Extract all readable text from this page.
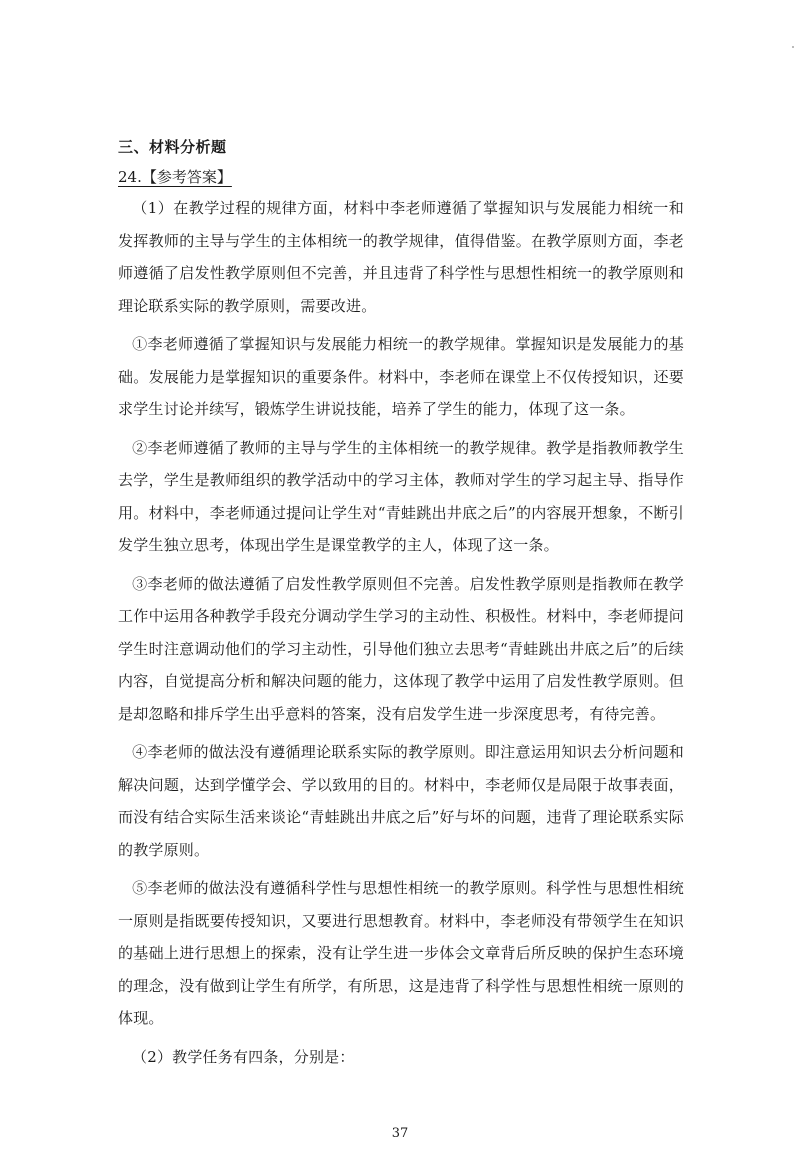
三、材料分析题

24.【参考答案】

（1）在教学过程的规律方面，材料中李老师遵循了掌握知识与发展能力相统一和发挥教师的主导与学生的主体相统一的教学规律，值得借鉴。在教学原则方面，李老师遵循了启发性教学原则但不完善，并且违背了科学性与思想性相统一的教学原则和理论联系实际的教学原则，需要改进。

①李老师遵循了掌握知识与发展能力相统一的教学规律。掌握知识是发展能力的基础。发展能力是掌握知识的重要条件。材料中，李老师在课堂上不仅传授知识，还要求学生讨论并续写，锻炼学生讲说技能，培养了学生的能力，体现了这一条。

②李老师遵循了教师的主导与学生的主体相统一的教学规律。教学是指教师教学生去学，学生是教师组织的教学活动中的学习主体，教师对学生的学习起主导、指导作用。材料中，李老师通过提问让学生对“青蛙跳出井底之后”的内容展开想象，不断引发学生独立思考，体现出学生是课堂教学的主人，体现了这一条。

③李老师的做法遵循了启发性教学原则但不完善。启发性教学原则是指教师在教学工作中运用各种教学手段充分调动学生学习的主动性、积极性。材料中，李老师提问学生时注意调动他们的学习主动性，引导他们独立去思考“青蛙跳出井底之后”的后续内容，自觉提高分析和解决问题的能力，这体现了教学中运用了启发性教学原则。但是却忽略和排斥学生出乎意料的答案，没有启发学生进一步深度思考，有待完善。

④李老师的做法没有遵循理论联系实际的教学原则。即注意运用知识去分析问题和解决问题，达到学懂学会、学以致用的目的。材料中，李老师仅是局限于故事表面，而没有结合实际生活来谈论“青蛙跳出井底之后”好与坏的问题，违背了理论联系实际的教学原则。

⑤李老师的做法没有遵循科学性与思想性相统一的教学原则。科学性与思想性相统一原则是指既要传授知识，又要进行思想教育。材料中，李老师没有带领学生在知识的基础上进行思想上的探索，没有让学生进一步体会文章背后所反映的保护生态环境的理念，没有做到让学生有所学，有所思，这是违背了科学性与思想性相统一原则的体现。

（2）教学任务有四条，分别是：

37
